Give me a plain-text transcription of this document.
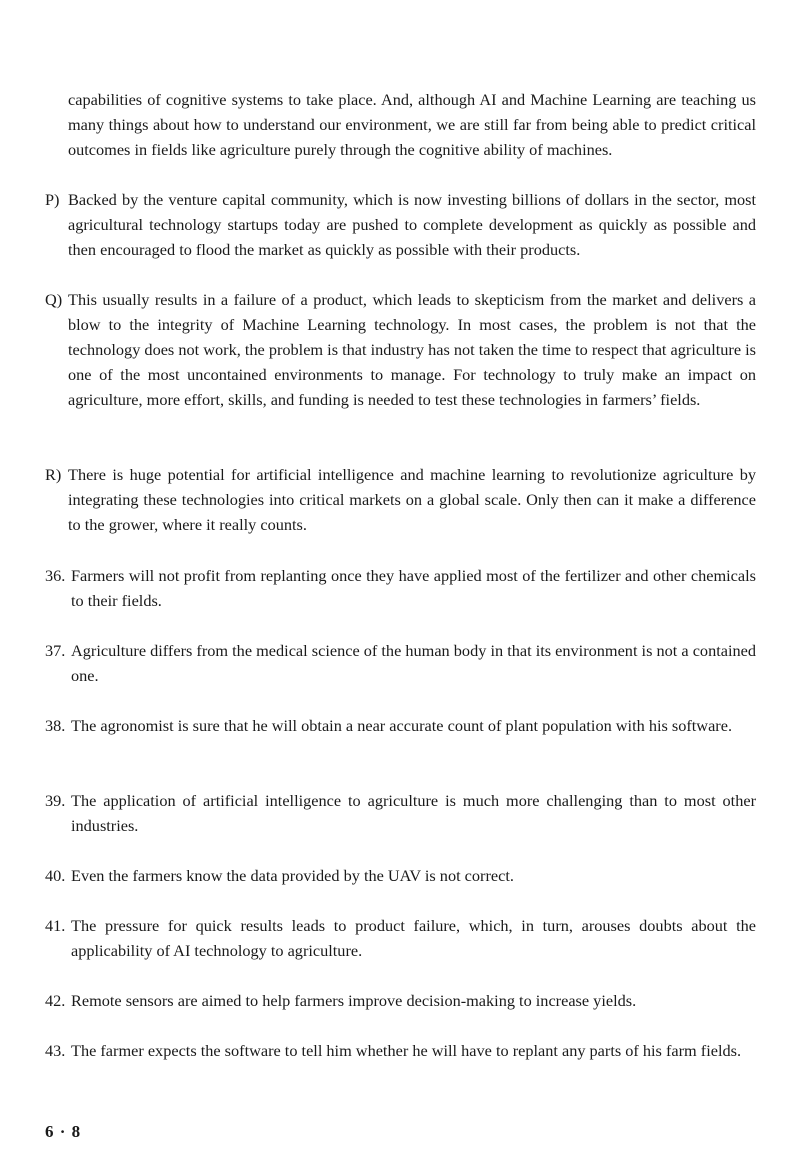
capabilities of cognitive systems to take place. And, although AI and Machine Learning are teaching us many things about how to understand our environment, we are still far from being able to predict critical outcomes in fields like agriculture purely through the cognitive ability of machines.
P) Backed by the venture capital community, which is now investing billions of dollars in the sector, most agricultural technology startups today are pushed to complete development as quickly as possible and then encouraged to flood the market as quickly as possible with their products.
Q) This usually results in a failure of a product, which leads to skepticism from the market and delivers a blow to the integrity of Machine Learning technology. In most cases, the problem is not that the technology does not work, the problem is that industry has not taken the time to respect that agriculture is one of the most uncontained environments to manage. For technology to truly make an impact on agriculture, more effort, skills, and funding is needed to test these technologies in farmers’ fields.
R) There is huge potential for artificial intelligence and machine learning to revolutionize agriculture by integrating these technologies into critical markets on a global scale. Only then can it make a difference to the grower, where it really counts.
36. Farmers will not profit from replanting once they have applied most of the fertilizer and other chemicals to their fields.
37. Agriculture differs from the medical science of the human body in that its environment is not a contained one.
38. The agronomist is sure that he will obtain a near accurate count of plant population with his software.
39. The application of artificial intelligence to agriculture is much more challenging than to most other industries.
40. Even the farmers know the data provided by the UAV is not correct.
41. The pressure for quick results leads to product failure, which, in turn, arouses doubts about the applicability of AI technology to agriculture.
42. Remote sensors are aimed to help farmers improve decision-making to increase yields.
43. The farmer expects the software to tell him whether he will have to replant any parts of his farm fields.
6 · 8
